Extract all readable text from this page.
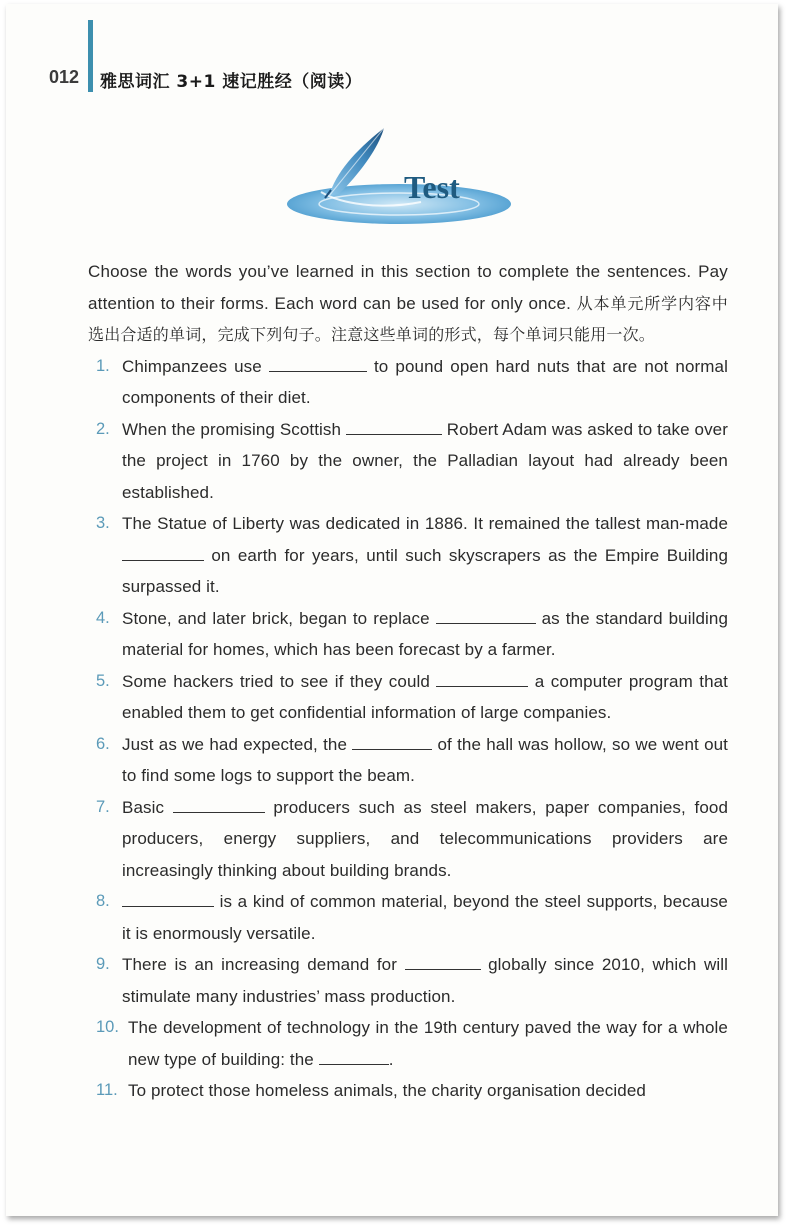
012 雅思词汇 3+1 速记胜经（阅读）
Test

Choose the words you’ve learned in this section to complete the sentences. Pay attention to their forms. Each word can be used for only once. 从本单元所学内容中选出合适的单词，完成下列句子。注意这些单词的形式，每个单词只能用一次。

1. Chimpanzees use	to pound open hard nuts that are not normal components of their diet.
2. When the promising Scottish	Robert Adam was asked to take over the project in 1760 by the owner, the Palladian layout had already been established.
3. The Statue of Liberty was dedicated in 1886. It remained the tallest man-made  on earth for years, until such skyscrapers as the Empire Building surpassed it.
4. Stone, and later brick, began to replace	as the standard building material for homes, which has been forecast by a farmer.
5. Some hackers tried to see if they could	a computer program that enabled them to get confidential information of large companies.
6. Just as we had expected, the	of the hall was hollow, so we went out to find some logs to support the beam.
7. Basic	producers such as steel makers, paper companies, food producers, energy suppliers, and telecommunications providers are increasingly thinking about building brands.
8.	is a kind of common material, beyond the steel supports, because it is enormously versatile.
9. There is an increasing demand for	globally since 2010, which will stimulate many industries’ mass production.
10. The development of technology in the 19th century paved the way for a whole new type of building: the	.
11. To protect those homeless animals, the charity organisation decided
